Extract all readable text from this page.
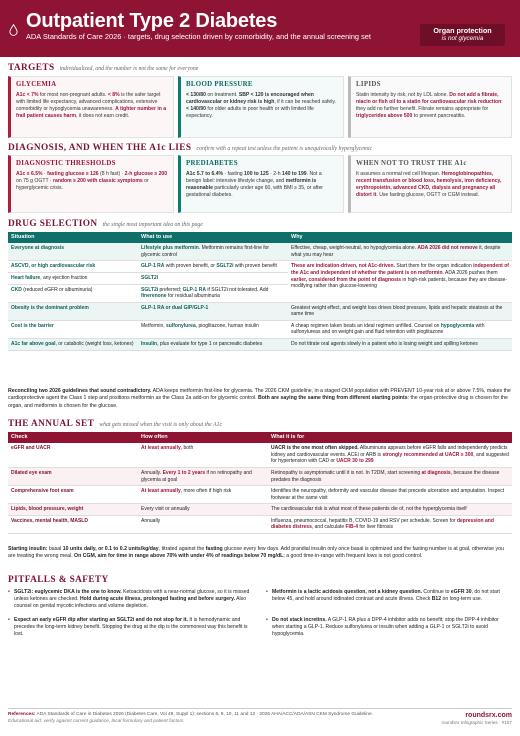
Outpatient Type 2 Diabetes
ADA Standards of Care 2026 · targets, drug selection driven by comorbidity, and the annual screening set
Organ protection
is not glycemia
TARGETS individualized, and the number is not the same for everyone
GLYCEMIA
A1c < 7% for most non-pregnant adults. < 8% is the safer target with limited life expectancy, advanced complications, extensive comorbidity or hypoglycemia unawareness. A tighter number in a frail patient causes harm, it does not earn credit.
BLOOD PRESSURE
< 130/80 on treatment. SBP < 120 is encouraged when cardiovascular or kidney risk is high, if it can be reached safely. < 140/90 for older adults in poor health or with limited life expectancy.
LIPIDS
Statin intensity by risk, not by LDL alone. Do not add a fibrate, niacin or fish oil to a statin for cardiovascular risk reduction: they add no further benefit. Fibrate remains appropriate for triglycerides above 500 to prevent pancreatitis.
DIAGNOSIS, AND WHEN THE A1c LIES confirm with a repeat test unless the patient is unequivocally hyperglycemic
DIAGNOSTIC THRESHOLDS
A1c ≥ 6.5% · fasting glucose ≥ 126 (8 h fast) · 2-h glucose ≥ 200 on 75 g OGTT · random ≥ 200 with classic symptoms or hyperglycemic crisis.
PREDIABETES
A1c 5.7 to 6.4% · fasting 100 to 125 · 2-h 140 to 199. Not a benign label: intensive lifestyle change, and metformin is reasonable particularly under age 60, with BMI ≥ 35, or after gestational diabetes.
WHEN NOT TO TRUST THE A1c
It assumes a normal red cell lifespan. Hemoglobinopathies, recent transfusion or blood loss, hemolysis, iron deficiency, erythropoietin, advanced CKD, dialysis and pregnancy all distort it. Use fasting glucose, OGTT or CGM instead.
DRUG SELECTION the single most important idea on this page
Situation	What to use	Why
Everyone at diagnosis	Lifestyle plus metformin. Metformin remains first-line for glycemic control	Effective, cheap, weight-neutral, no hypoglycemia alone. ADA 2026 did not remove it, despite what you may hear
ASCVD, or high cardiovascular risk	GLP-1 RA with proven benefit, or SGLT2i with proven benefit	These are indication-driven, not A1c-driven. Start them for the organ indication independent of the A1c and independent of whether the patient is on metformin. ADA 2026 pushes them earlier, considered from the point of diagnosis in high-risk patients, because they are disease-modifying rather than glucose-lowering
Heart failure, any ejection fraction	SGLT2i	
CKD (reduced eGFR or albuminuria)	SGLT2i preferred; GLP-1 RA if SGLT2i not tolerated. Add finerenone for residual albuminuria	
Obesity is the dominant problem	GLP-1 RA or dual GIP/GLP-1	Greatest weight effect, and weight loss drives blood pressure, lipids and hepatic steatosis at the same time
Cost is the barrier	Metformin, sulfonylurea, pioglitazone, human insulin	A cheap regimen taken beats an ideal regimen unfilled. Counsel on hypoglycemia with sulfonylureas and on weight gain and fluid retention with pioglitazone
A1c far above goal, or catabolic (weight loss, ketones)	Insulin, plus evaluate for type 1 or pancreatic diabetes	Do not titrate oral agents slowly in a patient who is losing weight and spilling ketones
Reconciling two 2026 guidelines that sound contradictory. ADA keeps metformin first-line for glycemia. The 2026 CKM guideline, in a staged CKM population with PREVENT 10-year risk at or above 7.5%, makes the cardioprotective agent the Class 1 step and positions metformin as the Class 2a add-on for glycemic control. Both are saying the same thing from different starting points: the organ-protective drug is chosen for the organ, and metformin is chosen for the glucose.
THE ANNUAL SET what gets missed when the visit is only about the A1c
Check	How often	What it is for
eGFR and UACR	At least annually, both	UACR is the one most often skipped. Albuminuria appears before eGFR falls and independently predicts kidney and cardiovascular events. ACEi or ARB is strongly recommended at UACR ≥ 300, and suggested for hypertension with CAD or UACR 30 to 299
Dilated eye exam	Annually. Every 1 to 2 years if no retinopathy and glycemia at goal	Retinopathy is asymptomatic until it is not. In T2DM, start screening at diagnosis, because the disease predates the diagnosis
Comprehensive foot exam	At least annually, more often if high risk	Identifies the neuropathy, deformity and vascular disease that precede ulceration and amputation. Inspect footwear at the same visit
Lipids, blood pressure, weight	Every visit or annually	The cardiovascular risk is what most of these patients die of, not the hyperglycemia itself
Vaccines, mental health, MASLD	Annually	Influenza, pneumococcal, hepatitis B, COVID-19 and RSV per schedule. Screen for depression and diabetes distress, and calculate FIB-4 for liver fibrosis
Starting insulin: basal 10 units daily, or 0.1 to 0.2 units/kg/day, titrated against the fasting glucose every few days. Add prandial insulin only once basal is optimized and the fasting number is at goal, otherwise you are treating the wrong meal. On CGM, aim for time in range above 70% with under 4% of readings below 70 mg/dL; a good time-in-range with frequent lows is not good control.
PITFALLS & SAFETY
• SGLT2i: euglycemic DKA is the one to know. Ketoacidosis with a near-normal glucose, so it is missed unless ketones are checked. Hold during acute illness, prolonged fasting and before surgery. Also counsel on genital mycotic infections and volume depletion.
• Expect an early eGFR dip after starting an SGLT2i and do not stop for it. It is hemodynamic and precedes the long-term kidney benefit. Stopping the drug at the dip is the commonest way this benefit is lost.
• Metformin is a lactic acidosis question, not a kidney question. Continue to eGFR 30, do not start below 45, and hold around iodinated contrast and acute illness. Check B12 on long-term use.
• Do not stack incretins. A GLP-1 RA plus a DPP-4 inhibitor adds no benefit; stop the DPP-4 inhibitor when starting a GLP-1. Reduce sulfonylurea or insulin when adding a GLP-1 or SGLT2i to avoid hypoglycemia.
References: ADA Standards of Care in Diabetes 2026 (Diabetes Care, Vol 49, Suppl 1): sections 6, 9, 10, 11 and 12 · 2026 AHA/ACC/ADA/ASN CKM Syndrome Guideline.
Educational aid: verify against current guidance, local formulary and patient factors.
roundsrx.com
roundsrx Infographic Series · #157
